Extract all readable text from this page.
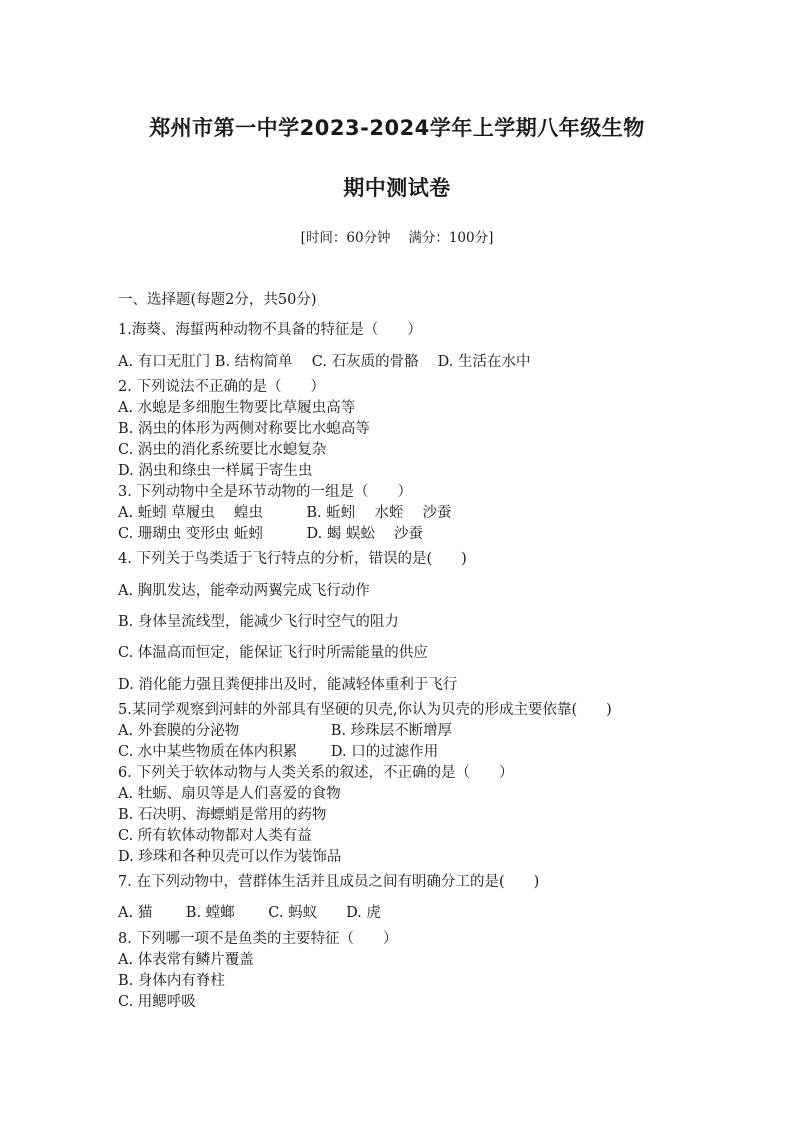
郑州市第一中学2023-2024学年上学期八年级生物
期中测试卷
[时间：60分钟　 满分：100分]
一、选择题(每题2分，共50分)
1.海葵、海蜇两种动物不具备的特征是（　　）
A. 有口无肛门 B. 结构简单　 C. 石灰质的骨骼　 D. 生活在水中
2. 下列说法不正确的是（　　）
A. 水螅是多细胞生物要比草履虫高等
B. 涡虫的体形为两侧对称要比水螅高等
C. 涡虫的消化系统要比水螅复杂
D. 涡虫和绦虫一样属于寄生虫
3. 下列动物中全是环节动物的一组是（　　）
A. 蚯蚓 草履虫　 蝗虫　　　B. 蚯蚓　 水蛭　 沙蚕
C. 珊瑚虫 变形虫 蚯蚓　　　D. 蝎 蜈蚣　 沙蚕
4. 下列关于鸟类适于飞行特点的分析，错误的是(　　)
A. 胸肌发达，能牵动两翼完成飞行动作
B. 身体呈流线型，能减少飞行时空气的阻力
C. 体温高而恒定，能保证飞行时所需能量的供应
D. 消化能力强且粪便排出及时，能减轻体重利于飞行
5.某同学观察到河蚌的外部具有坚硬的贝壳,你认为贝壳的形成主要依靠(　　)
A. 外套膜的分泌物　　　　　　 B. 珍珠层不断增厚
C. 水中某些物质在体内积累　　 D. 口的过滤作用
6. 下列关于软体动物与人类关系的叙述，不正确的是（　　）
A. 牡蛎、扇贝等是人们喜爱的食物
B. 石决明、海螵蛸是常用的药物
C. 所有软体动物都对人类有益
D. 珍珠和各种贝壳可以作为装饰品
7. 在下列动物中，营群体生活并且成员之间有明确分工的是(　　)
A. 猫　　 B. 螳螂　　 C. 蚂蚁　　D. 虎
8. 下列哪一项不是鱼类的主要特征（　　）
A. 体表常有鳞片覆盖
B. 身体内有脊柱
C. 用鳃呼吸
